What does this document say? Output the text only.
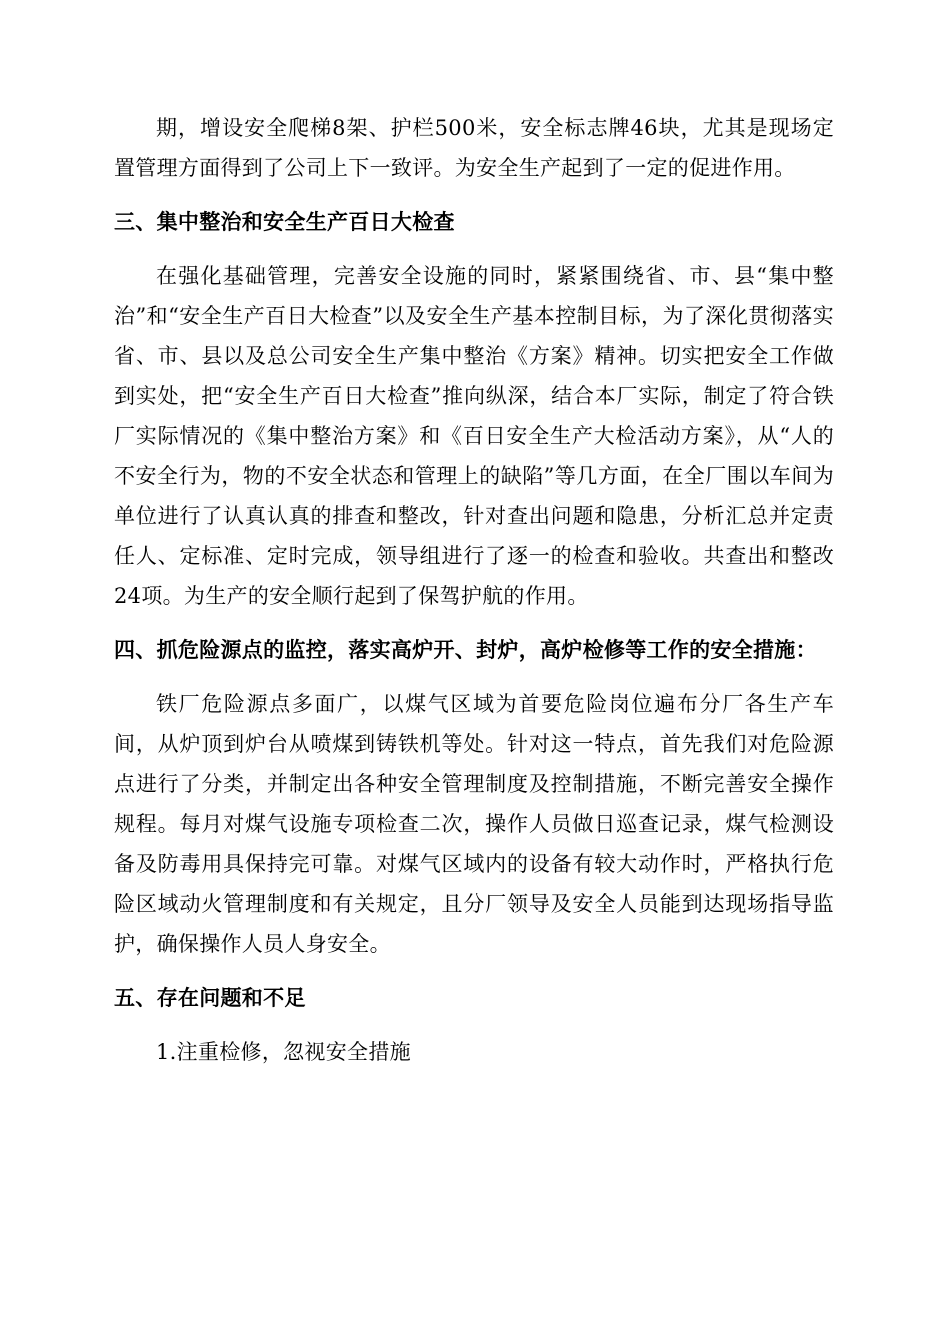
期，增设安全爬梯8架、护栏500米，安全标志牌46块，尤其是现场定置管理方面得到了公司上下一致评。为安全生产起到了一定的促进作用。

三、集中整治和安全生产百日大检查

在强化基础管理，完善安全设施的同时，紧紧围绕省、市、县“集中整治”和“安全生产百日大检查”以及安全生产基本控制目标，为了深化贯彻落实省、市、县以及总公司安全生产集中整治《方案》精神。切实把安全工作做到实处，把“安全生产百日大检查”推向纵深，结合本厂实际，制定了符合铁厂实际情况的《集中整治方案》和《百日安全生产大检活动方案》，从“人的不安全行为，物的不安全状态和管理上的缺陷”等几方面，在全厂围以车间为单位进行了认真认真的排查和整改，针对查出问题和隐患，分析汇总并定责任人、定标准、定时完成，领导组进行了逐一的检查和验收。共查出和整改24项。为生产的安全顺行起到了保驾护航的作用。

四、抓危险源点的监控，落实高炉开、封炉，高炉检修等工作的安全措施：

铁厂危险源点多面广，以煤气区域为首要危险岗位遍布分厂各生产车间，从炉顶到炉台从喷煤到铸铁机等处。针对这一特点，首先我们对危险源点进行了分类，并制定出各种安全管理制度及控制措施，不断完善安全操作规程。每月对煤气设施专项检查二次，操作人员做日巡查记录，煤气检测设备及防毒用具保持完可靠。对煤气区域内的设备有较大动作时，严格执行危险区域动火管理制度和有关规定，且分厂领导及安全人员能到达现场指导监护，确保操作人员人身安全。

五、存在问题和不足

1.注重检修，忽视安全措施
